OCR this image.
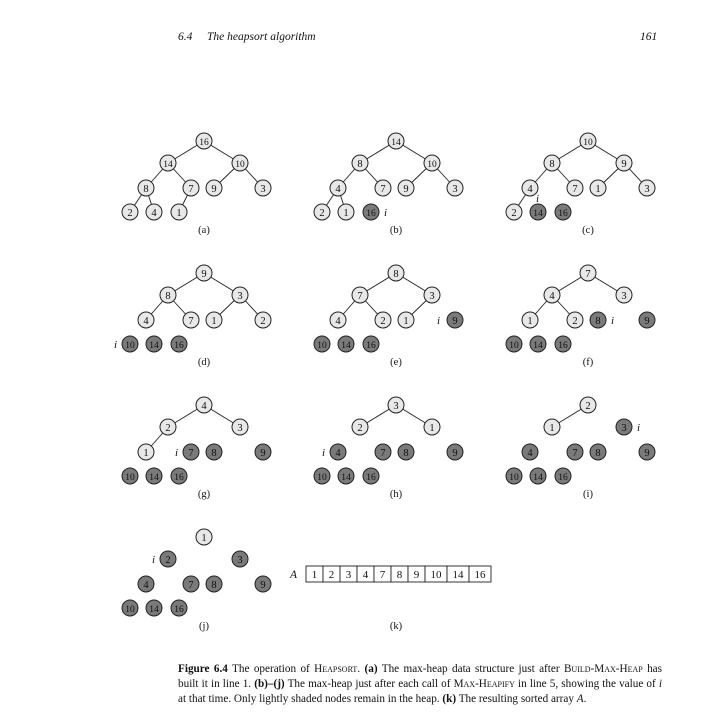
6.4 The heapsort algorithm	161
16
14	10
8	7 9	3
2 4 1
(a)
14
8	10
4	7 9	3
2 1 16 i
(b)
10
8	9
4	7 1	3
2 14 16
i
(c)
9
8	3
4	7 1	2
10 14 16
i
(d)
8
7	3
4	2 1	9
10 14 16
i
(e)
7
4	3
1	2 8	9
10 14 16
i
(f)
4
2	3
1	7 8	9
10 14 16
i
(g)
3
2	1
4	7 8	9
10 14 16
i
(h)
2
1	3
4	7 8	9
10 14 16
i
(i)
1
2	3
4	7 8	9
10 14 16
i
(j)
A 1 2 3 4 7 8 9 10 14 16
(k)
Figure 6.4 The operation of Heapsort. (a) The max-heap data structure just after Build-Max-Heap has built it in line 1. (b)–(j) The max-heap just after each call of Max-Heapify in line 5, showing the value of i at that time. Only lightly shaded nodes remain in the heap. (k) The resulting sorted array A.
